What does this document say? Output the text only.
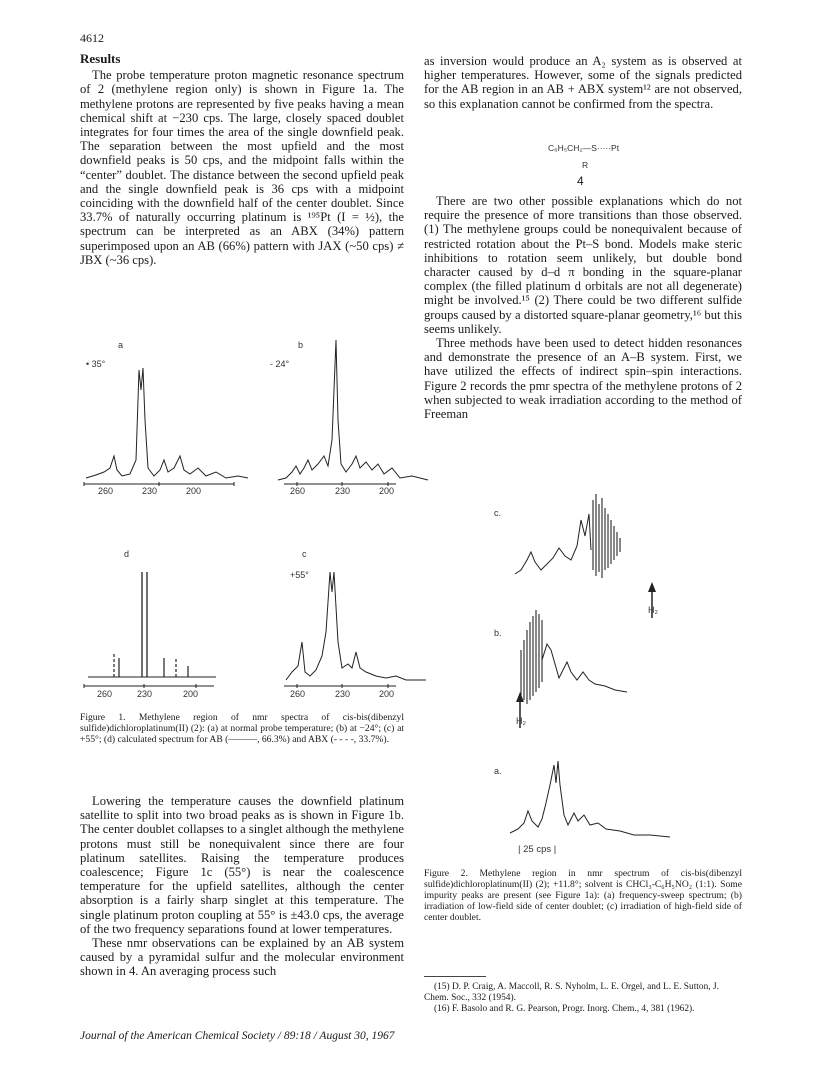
4612
Results

The probe temperature proton magnetic resonance spectrum of 2 (methylene region only) is shown in Figure 1a. The methylene protons are represented by five peaks having a mean chemical shift at −230 cps. The large, closely spaced doublet integrates for four times the area of the single downfield peak. The separation between the most upfield and the most downfield peaks is 50 cps, and the midpoint falls within the “center” doublet. The distance between the second upfield peak and the single downfield peak is 36 cps with a midpoint coinciding with the downfield half of the center doublet. Since 33.7% of naturally occurring platinum is ¹⁹⁵Pt (I = ½), the spectrum can be interpreted as an ABX (34%) pattern superimposed upon an AB (66%) pattern with JAX (~50 cps) ≠ JBX (~36 cps).

a
• 35°
b
- 24°
c
+55°
d
260	230	200	260	230	200
260	230	200	260	230	200
Figure 1. Methylene region of nmr spectra of cis-bis(dibenzyl sulfide)dichloroplatinum(II) (2): (a) at normal probe temperature; (b) at −24°; (c) at +55°; (d) calculated spectrum for AB (———, 66.3%) and ABX (- - - -, 33.7%).

Lowering the temperature causes the downfield platinum satellite to split into two broad peaks as is shown in Figure 1b. The center doublet collapses to a singlet although the methylene protons must still be nonequivalent since there are four platinum satellites. Raising the temperature produces coalescence; Figure 1c (55°) is near the coalescence temperature for the upfield satellites, although the center absorption is a fairly sharp singlet at this temperature. The single platinum proton coupling at 55° is ±43.0 cps, the average of the two frequency separations found at lower temperatures.

These nmr observations can be explained by an AB system caused by a pyramidal sulfur and the molecular environment shown in 4. An averaging process such

as inversion would produce an A₂ system as is observed at higher temperatures. However, some of the signals predicted for the AB region in an AB + ABX system¹² are not observed, so this explanation cannot be confirmed from the spectra.

C₆H₅CH₂—S·····Pt
R
4

There are two other possible explanations which do not require the presence of more transitions than those observed. (1) The methylene groups could be nonequivalent because of restricted rotation about the Pt–S bond. Models make steric inhibitions to rotation seem unlikely, but double bond character caused by d–d π bonding in the square-planar complex (the filled platinum d orbitals are not all degenerate) might be involved.¹⁵ (2) There could be two different sulfide groups caused by a distorted square-planar geometry,¹⁶ but this seems unlikely.

Three methods have been used to detect hidden resonances and demonstrate the presence of an A–B system. First, we have utilized the effects of indirect spin–spin interactions. Figure 2 records the pmr spectra of the methylene protons of 2 when subjected to weak irradiation according to the method of Freeman

c.
b.
a.
H₂
H₂
| 25 cps |
Figure 2. Methylene region in nmr spectrum of cis-bis(dibenzyl sulfide)dichloroplatinum(II) (2); +11.8°; solvent is CHCl₃-C₆H₅NO₂ (1:1). Some impurity peaks are present (see Figure 1a): (a) frequency-sweep spectrum; (b) irradiation of low-field side of center doublet; (c) irradiation of high-field side of center doublet.
(15) D. P. Craig, A. Maccoll, R. S. Nyholm, L. E. Orgel, and L. E. Sutton, J. Chem. Soc., 332 (1954).
(16) F. Basolo and R. G. Pearson, Progr. Inorg. Chem., 4, 381 (1962).
Journal of the American Chemical Society / 89:18 / August 30, 1967
